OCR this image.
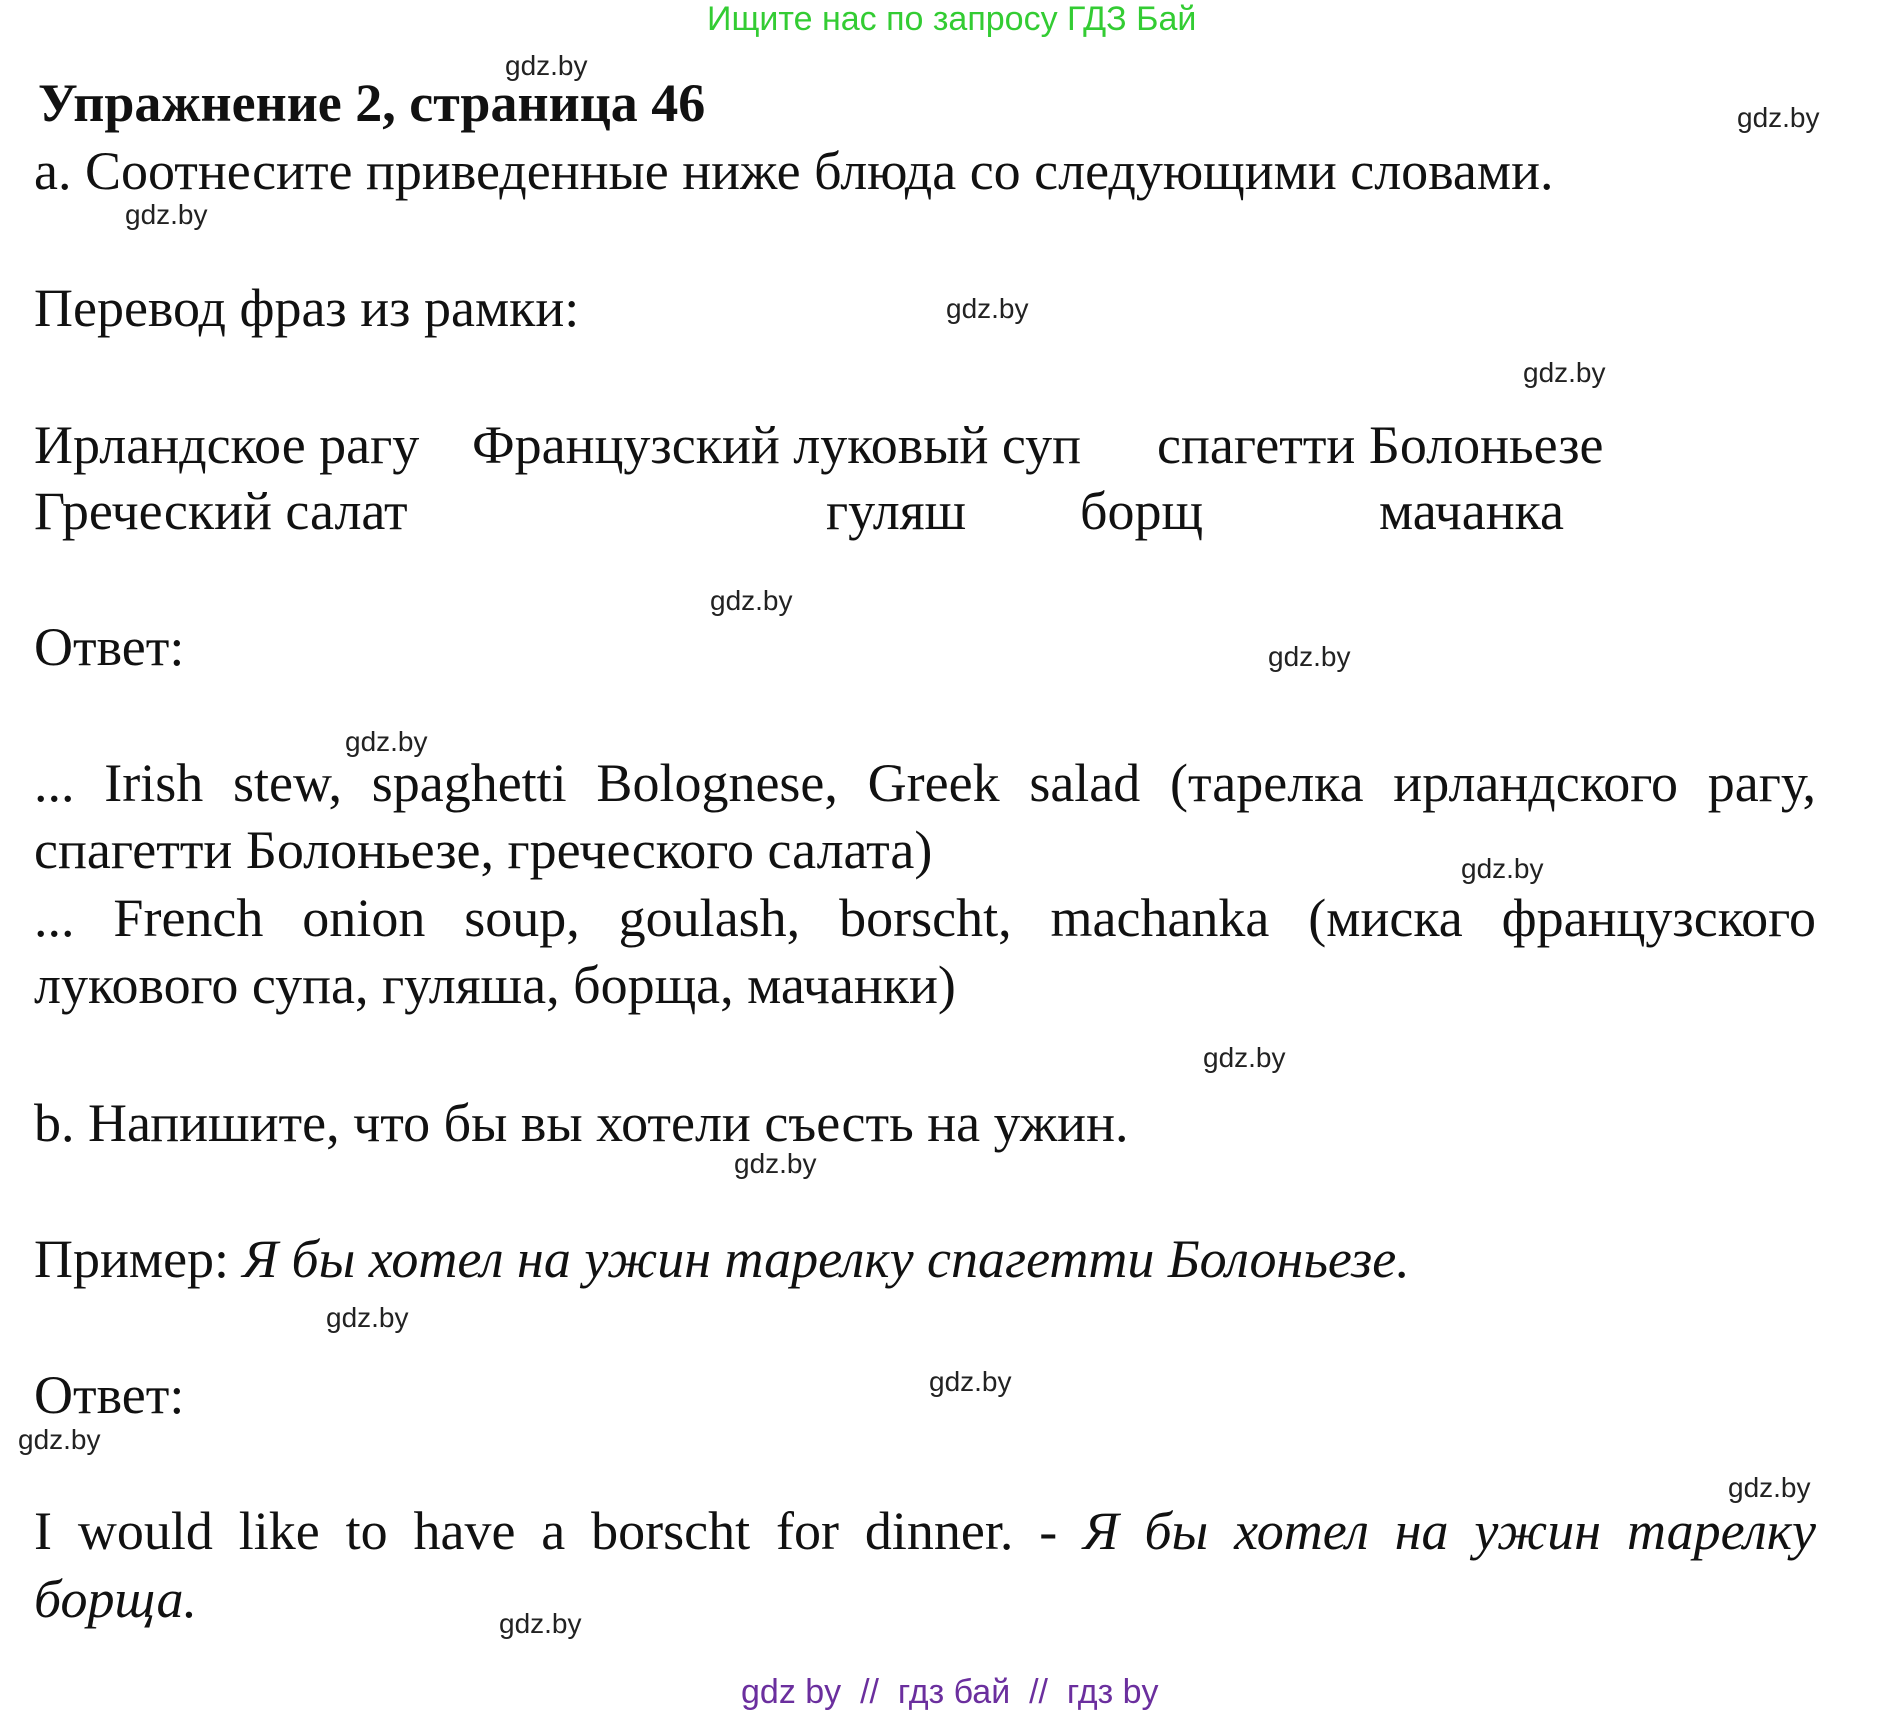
Ищите нас по запросу ГДЗ Бай
Упражнение 2, страница 46
а. Соотнесите приведенные ниже блюда со следующими словами.
Перевод фраз из рамки:
Ирландское рагу Французский луковый суп спагетти Болоньезе
Греческий салат	гуляш борщ	мачанка
Ответ:
... Irish stew, spaghetti Bolognese, Greek salad (тарелка ирландского рагу,
спагетти Болоньезе, греческого салата)
... French onion soup, goulash, borscht, machanka (миска французского
лукового супа, гуляша, борща, мачанки)
b. Напишите, что бы вы хотели съесть на ужин.
Пример: Я бы хотел на ужин тарелку спагетти Болоньезе.
Ответ:
I would like to have a borscht for dinner. - Я бы хотел на ужин тарелку
борща.
gdz.by
gdz.by
gdz.by
gdz.by
gdz.by
gdz.by
gdz.by
gdz.by
gdz.by
gdz.by
gdz.by
gdz.by
gdz.by
gdz.by
gdz.by
gdz.by
gdz by  //  гдз бай  //  гдз by
